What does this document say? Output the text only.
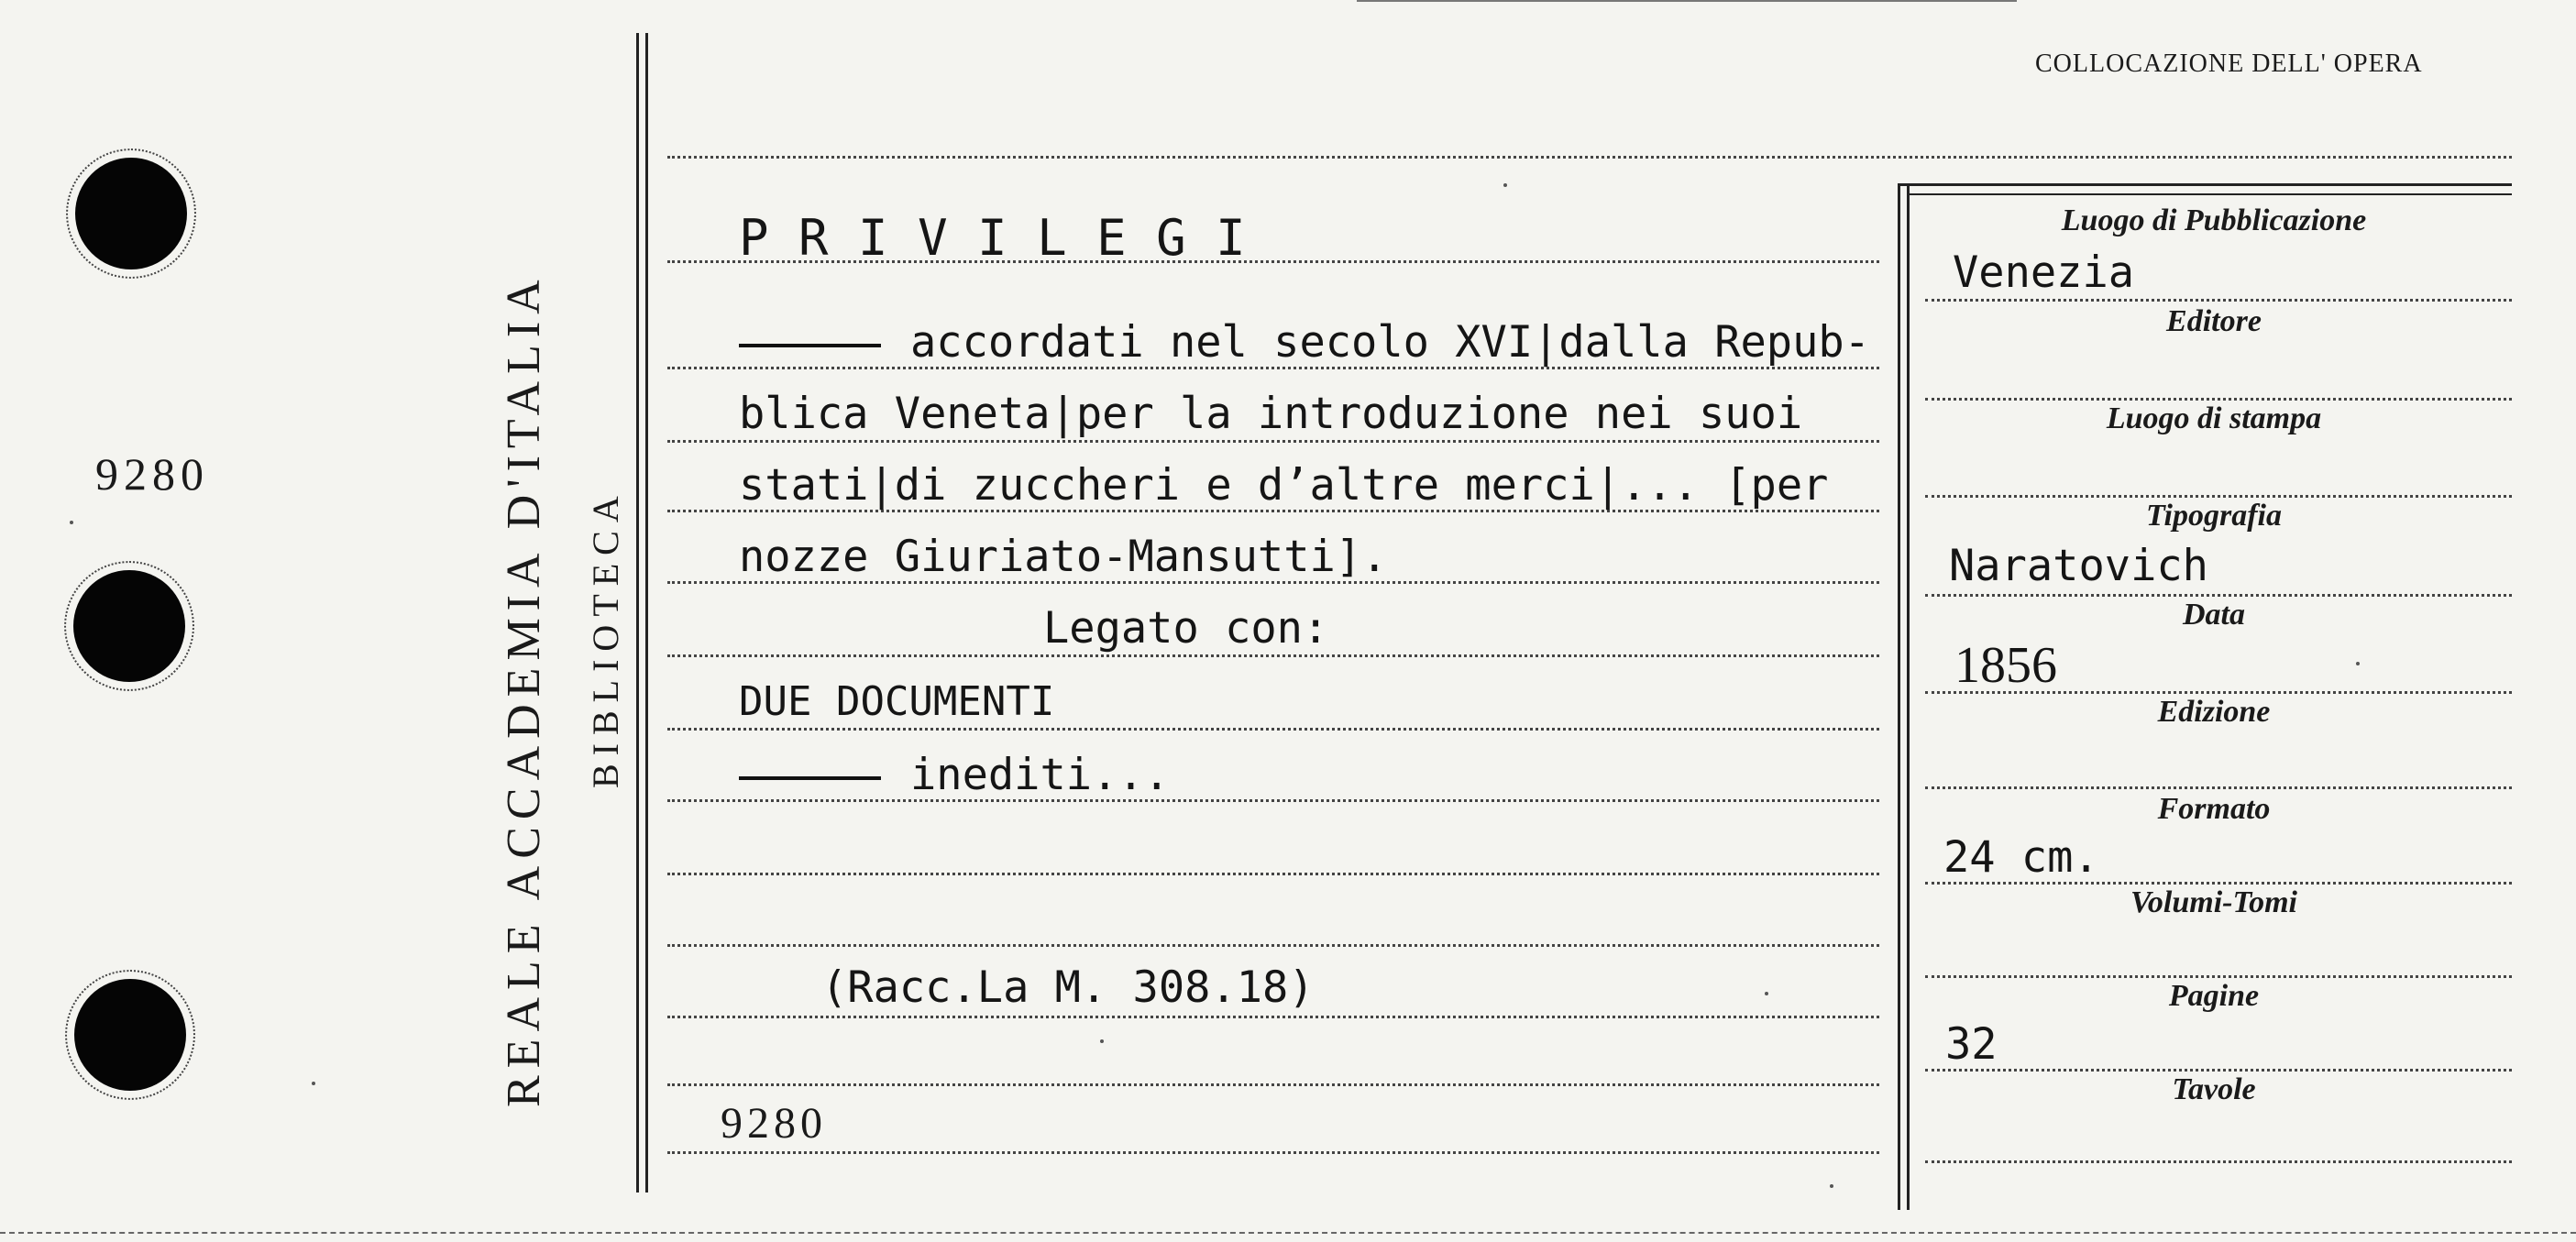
9280	REALE ACCADEMIA D'ITALIA BIBLIOTECA
COLLOCAZIONE DELL' OPERA
P R I V I L E G I
accordati nel secolo XVI|dalla Repub-
blica Veneta|per la introduzione nei suoi
stati|di zuccheri e d’altre merci|... [per
nozze Giuriato-Mansutti].
Legato con:
DUE DOCUMENTI
inediti...
(Racc.La M. 308.18)
9280
Luogo di Pubblicazione
Editore
Luogo di stampa
Tipografia
Data
Edizione
Formato
Volumi-Tomi
Pagine
Tavole
Venezia
Naratovich
1856
24 cm.
32
